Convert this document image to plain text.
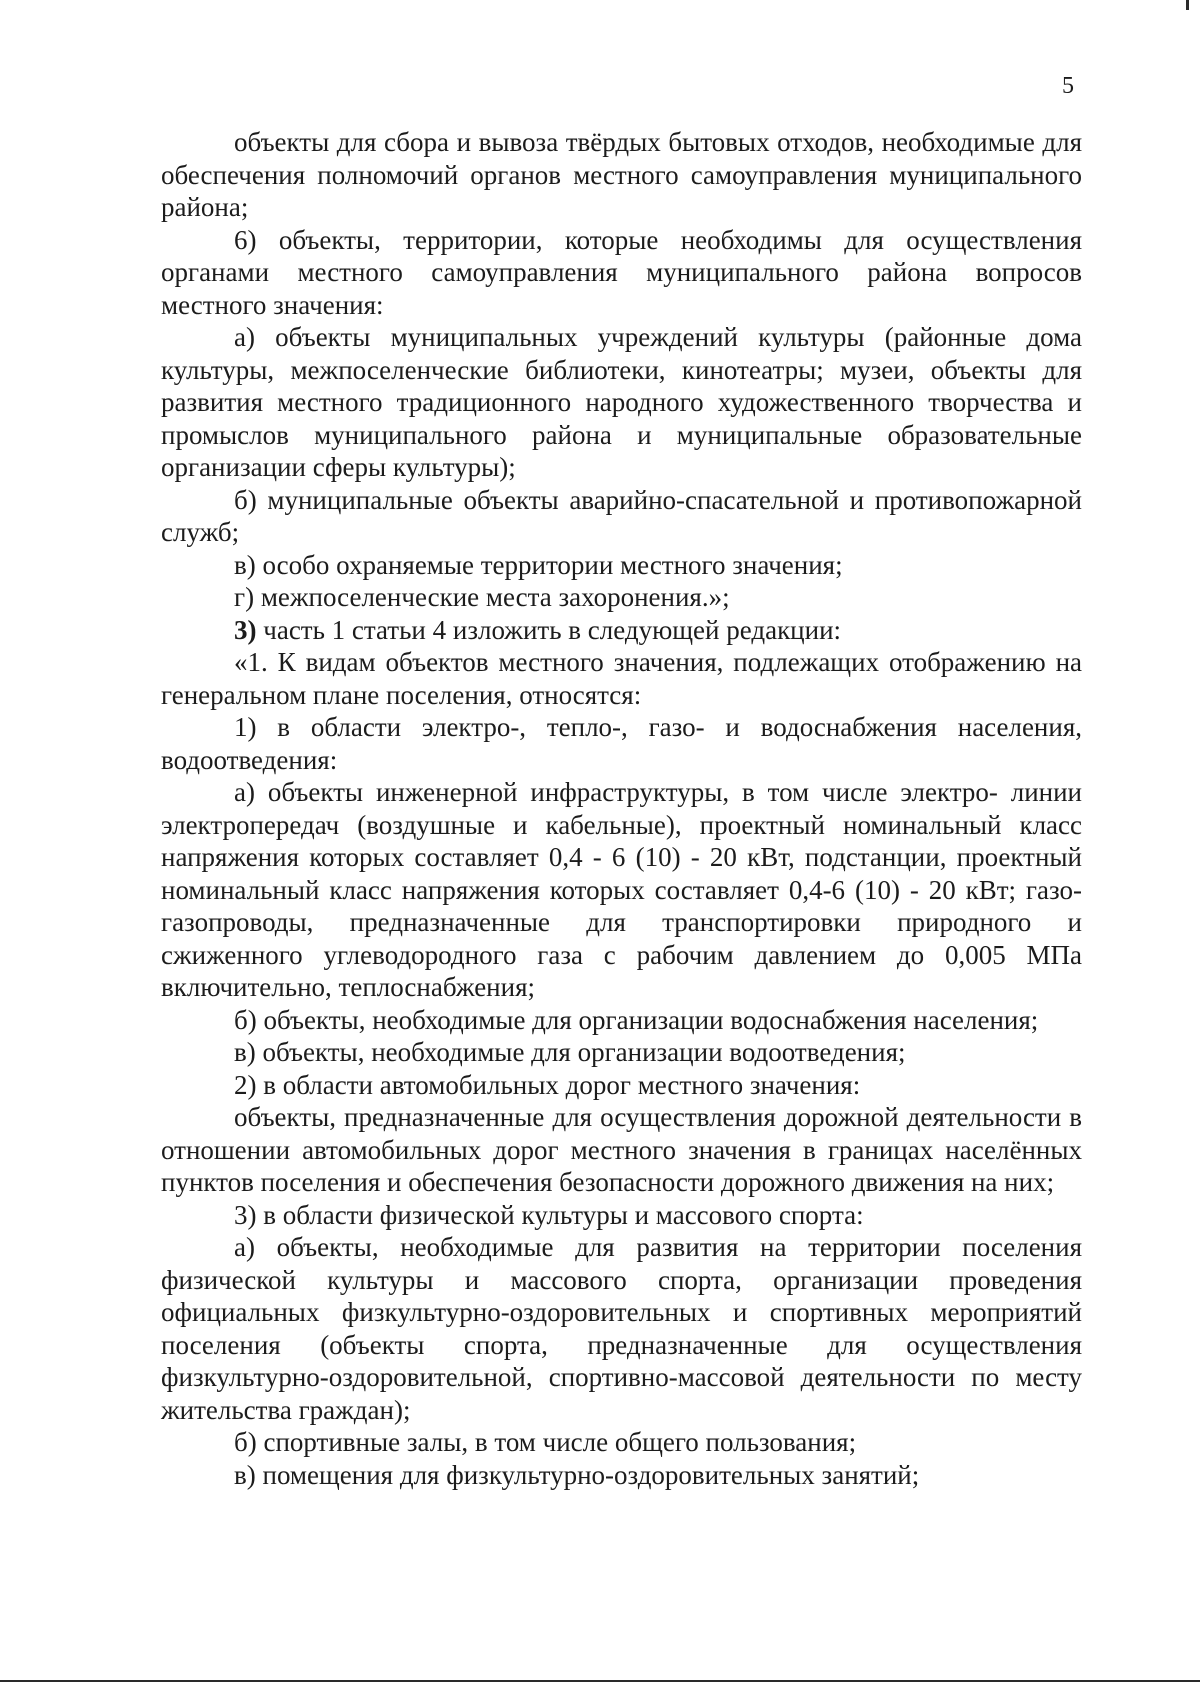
5

объекты для сбора и вывоза твёрдых бытовых отходов, необходимые для обеспечения полномочий органов местного самоуправления муниципального района;

6) объекты, территории, которые необходимы для осуществления органами местного самоуправления муниципального района вопросов местного значения:

а) объекты муниципальных учреждений культуры (районные дома культуры, межпоселенческие библиотеки, кинотеатры; музеи, объекты для развития местного традиционного народного художественного творчества и промыслов муниципального района и муниципальные образовательные организации сферы культуры);

б) муниципальные объекты аварийно-спасательной и противопожарной служб;

в) особо охраняемые территории местного значения;

г) межпоселенческие места захоронения.»;

3) часть 1 статьи 4 изложить в следующей редакции:

«1. К видам объектов местного значения, подлежащих отображению на генеральном плане поселения, относятся:

1) в области электро-, тепло-, газо- и водоснабжения населения, водоотведения:

а) объекты инженерной инфраструктуры, в том числе электро- линии электропередач (воздушные и кабельные), проектный номинальный класс напряжения которых составляет 0,4 - 6 (10) - 20 кВт, подстанции, проектный номинальный класс напряжения которых составляет 0,4-6 (10) - 20 кВт; газо- газопроводы, предназначенные для транспортировки природного и сжиженного углеводородного газа с рабочим давлением до 0,005 МПа включительно, теплоснабжения;

б) объекты, необходимые для организации водоснабжения населения;

в) объекты, необходимые для организации водоотведения;

2) в области автомобильных дорог местного значения:

объекты, предназначенные для осуществления дорожной деятельности в отношении автомобильных дорог местного значения в границах населённых пунктов поселения и обеспечения безопасности дорожного движения на них;

3) в области физической культуры и массового спорта:

а) объекты, необходимые для развития на территории поселения физической культуры и массового спорта, организации проведения официальных физкультурно-оздоровительных и спортивных мероприятий поселения (объекты спорта, предназначенные для осуществления физкультурно-оздоровительной, спортивно-массовой деятельности по месту жительства граждан);

б) спортивные залы, в том числе общего пользования;

в) помещения для физкультурно-оздоровительных занятий;
